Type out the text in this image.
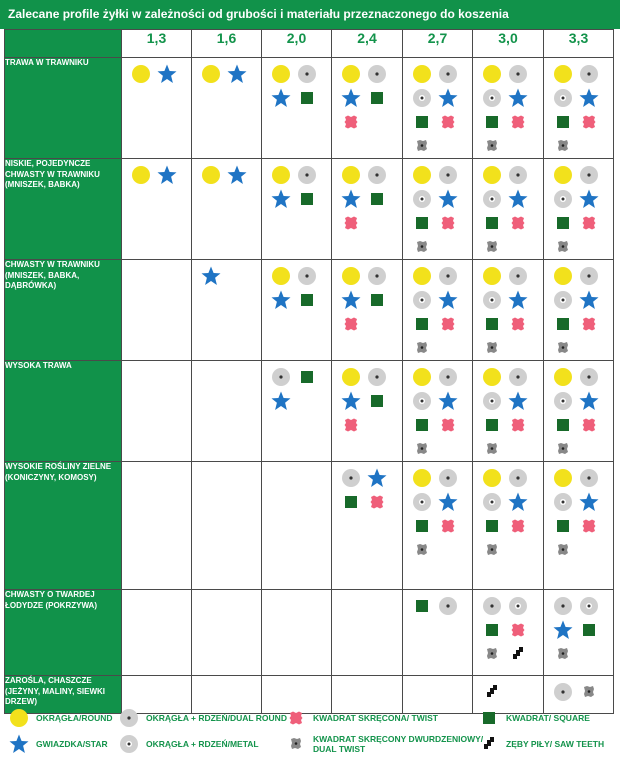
Zalecane profile żyłki w zależności od grubości i materiału przeznaczonego do koszenia
	1,3	1,6	2,0	2,4	2,7	3,0	3,3
TRAWA W TRAWNIKU	

NISKIE, POJEDYNCZE CHWASTY W TRAWNIKU (MNISZEK, BABKA)	

CHWASTY W TRAWNIKU (MNISZEK, BABKA, DĄBRÓWKA)	

WYSOKA TRAWA	

WYSOKIE ROŚLINY ZIELNE (KONICZYNY, KOMOSY)	

CHWASTY O TWARDEJ ŁODYDZE (POKRZYWA)	

ZAROŚLA, CHASZCZE (JEŻYNY, MALINY, SIEWKI DRZEW)	

OKRĄGŁA/ROUND	OKRĄGŁA + RDZEŃ/DUAL ROUND	KWADRAT SKRĘCONA/ TWIST	KWADRAT/ SQUARE
GWIAZDKA/STAR	OKRĄGŁA + RDZEŃ/METAL	KWADRAT SKRĘCONY DWURDZENIOWY/
DUAL TWIST	ZĘBY PIŁY/ SAW TEETH
